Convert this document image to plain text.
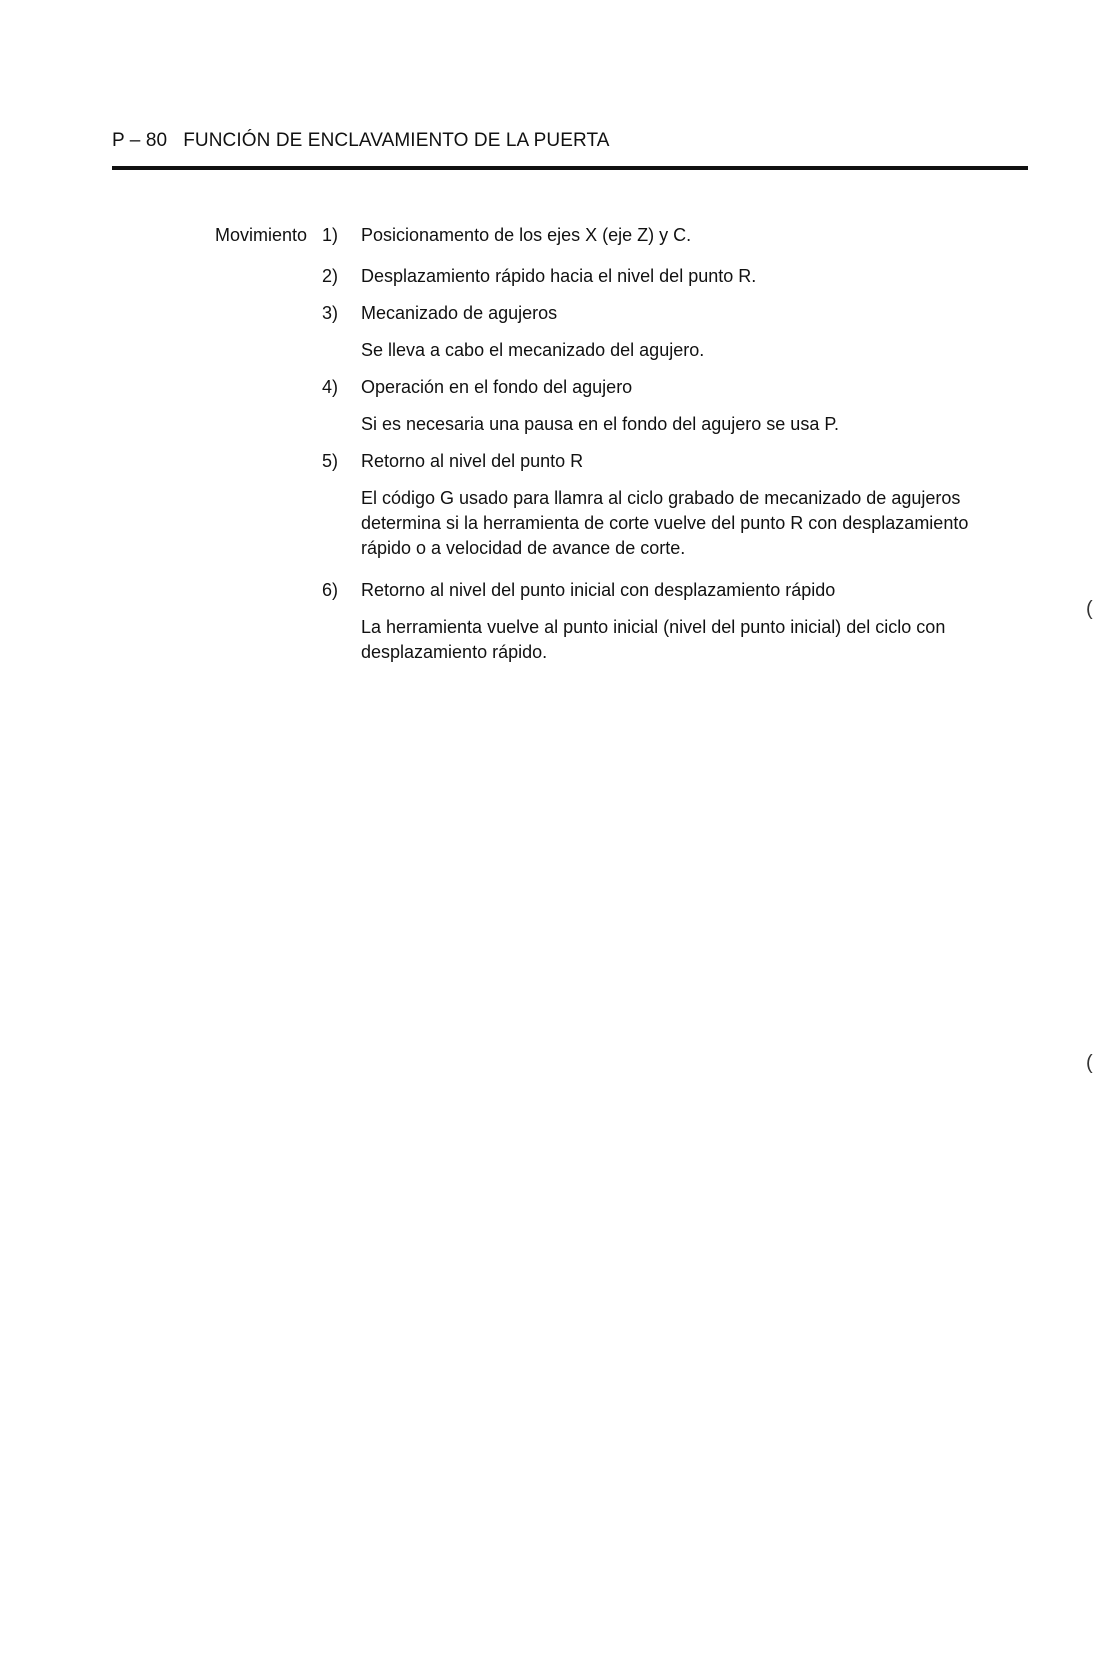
P – 80 FUNCIÓN DE ENCLAVAMIENTO DE LA PUERTA
Movimiento 1) Posicionamento de los ejes X (eje Z) y C.
2) Desplazamiento rápido hacia el nivel del punto R.
3) Mecanizado de agujeros
Se lleva a cabo el mecanizado del agujero.
4) Operación en el fondo del agujero
Si es necesaria una pausa en el fondo del agujero se usa P.
5) Retorno al nivel del punto R
El código G usado para llamra al ciclo grabado de mecanizado de agujeros determina si la herramienta de corte vuelve del punto R con desplazamiento rápido o a velocidad de avance de corte.
6) Retorno al nivel del punto inicial con desplazamiento rápido
La herramienta vuelve al punto inicial (nivel del punto inicial) del ciclo con desplazamiento rápido.
(
(
